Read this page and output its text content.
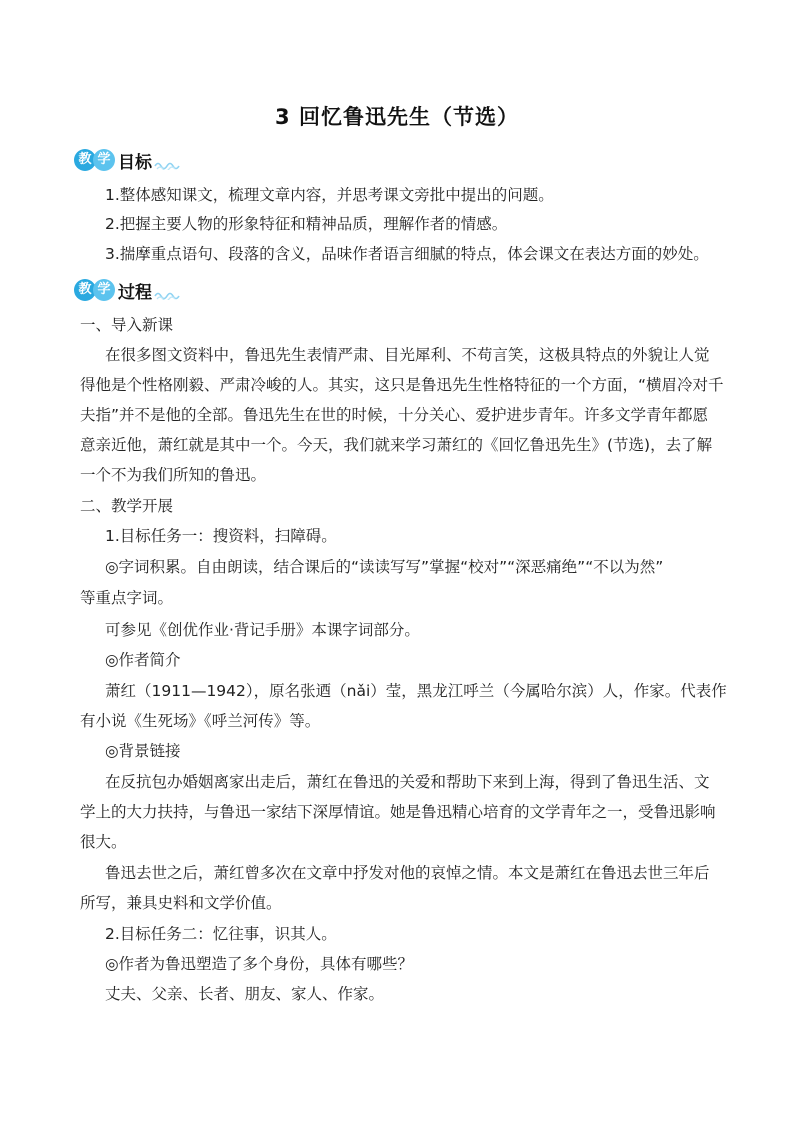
3 回忆鲁迅先生（节选）
教 学 目标
1.整体感知课文，梳理文章内容，并思考课文旁批中提出的问题。
2.把握主要人物的形象特征和精神品质，理解作者的情感。
3.揣摩重点语句、段落的含义，品味作者语言细腻的特点，体会课文在表达方面的妙处。
教 学 过程
一、导入新课
在很多图文资料中，鲁迅先生表情严肃、目光犀利、不苟言笑，这极具特点的外貌让人觉
得他是个性格刚毅、严肃冷峻的人。其实，这只是鲁迅先生性格特征的一个方面，“横眉冷对千
夫指”并不是他的全部。鲁迅先生在世的时候，十分关心、爱护进步青年。许多文学青年都愿
意亲近他，萧红就是其中一个。今天，我们就来学习萧红的《回忆鲁迅先生》(节选)，去了解
一个不为我们所知的鲁迅。
二、教学开展
1.目标任务一：搜资料，扫障碍。
◎字词积累。自由朗读，结合课后的“读读写写”掌握“校对”“深恶痛绝”“不以为然”
等重点字词。
可参见《创优作业·背记手册》本课字词部分。
◎作者简介
萧红（1911—1942），原名张迺（nǎi）莹，黑龙江呼兰（今属哈尔滨）人，作家。代表作
有小说《生死场》《呼兰河传》等。
◎背景链接
在反抗包办婚姻离家出走后，萧红在鲁迅的关爱和帮助下来到上海，得到了鲁迅生活、文
学上的大力扶持，与鲁迅一家结下深厚情谊。她是鲁迅精心培育的文学青年之一，受鲁迅影响
很大。
鲁迅去世之后，萧红曾多次在文章中抒发对他的哀悼之情。本文是萧红在鲁迅去世三年后
所写，兼具史料和文学价值。
2.目标任务二：忆往事，识其人。
◎作者为鲁迅塑造了多个身份，具体有哪些？
丈夫、父亲、长者、朋友、家人、作家。
